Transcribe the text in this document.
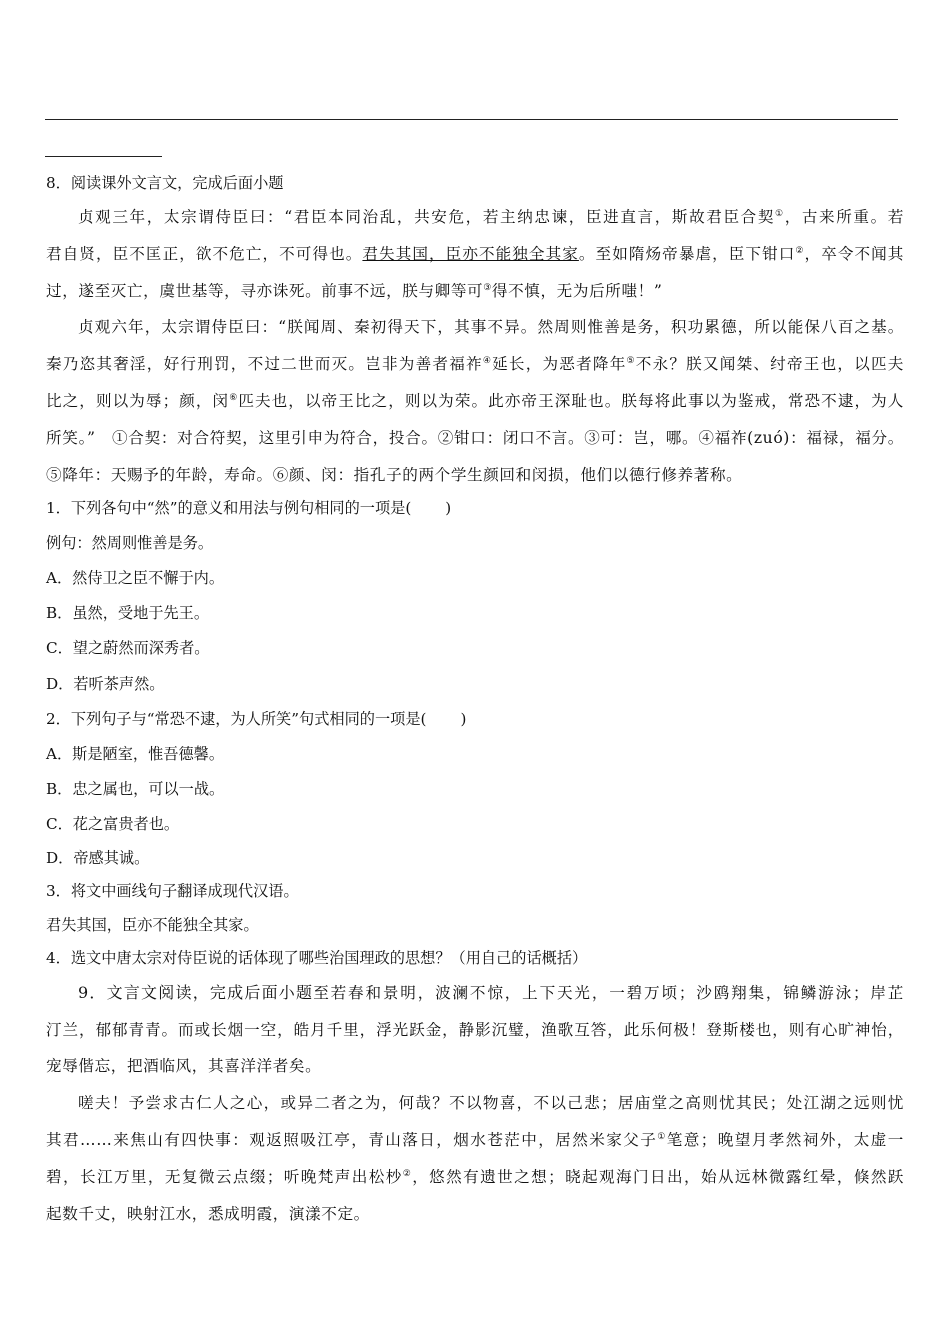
8．阅读课外文言文，完成后面小题
贞观三年，太宗谓侍臣曰：“君臣本同治乱，共安危，若主纳忠谏，臣进直言，斯故君臣合契①，古来所重。若
君自贤，臣不匡正，欲不危亡，不可得也。君失其国，臣亦不能独全其家。至如隋炀帝暴虐，臣下钳口②，卒令不闻其
过，遂至灭亡，虞世基等，寻亦诛死。前事不远，朕与卿等可③得不慎，无为后所嗤！”
贞观六年，太宗谓侍臣曰：“朕闻周、秦初得天下，其事不异。然周则惟善是务，积功累德，所以能保八百之基。
秦乃恣其奢淫，好行刑罚，不过二世而灭。岂非为善者福祚④延长，为恶者降年⑤不永？朕又闻桀、纣帝王也，以匹夫
比之，则以为辱；颜，闵⑥匹夫也，以帝王比之，则以为荣。此亦帝王深耻也。朕每将此事以为鉴戒，常恐不逮，为人
所笑。”　①合契：对合符契，这里引申为符合，投合。②钳口：闭口不言。③可：岂，哪。④福祚(zuó)：福禄，福分。
⑤降年：天赐予的年龄，寿命。⑥颜、闵：指孔子的两个学生颜回和闵损，他们以德行修养著称。
1．下列各句中“然”的意义和用法与例句相同的一项是( )
例句：然周则惟善是务。
A．然侍卫之臣不懈于内。
B．虽然，受地于先王。
C．望之蔚然而深秀者。
D．若听茶声然。
2．下列句子与“常恐不逮，为人所笑”句式相同的一项是( )
A．斯是陋室，惟吾德馨。
B．忠之属也，可以一战。
C．花之富贵者也。
D．帝感其诚。
3．将文中画线句子翻译成现代汉语。
君失其国，臣亦不能独全其家。
4．选文中唐太宗对侍臣说的话体现了哪些治国理政的思想？（用自己的话概括）
9．文言文阅读，完成后面小题至若春和景明，波澜不惊，上下天光，一碧万顷；沙鸥翔集，锦鳞游泳；岸芷
汀兰，郁郁青青。而或长烟一空，皓月千里，浮光跃金，静影沉璧，渔歌互答，此乐何极！登斯楼也，则有心旷神怡，
宠辱偕忘，把酒临风，其喜洋洋者矣。
嗟夫！予尝求古仁人之心，或异二者之为，何哉？不以物喜，不以己悲；居庙堂之高则忧其民；处江湖之远则忧
其君……来焦山有四快事：观返照吸江亭，青山落日，烟水苍茫中，居然米家父子①笔意；晚望月孝然祠外，太虚一
碧，长江万里，无复微云点缀；听晚梵声出松杪②，悠然有遗世之想；晓起观海门日出，始从远林微露红晕，倏然跃
起数千丈，映射江水，悉成明霞，演漾不定。
